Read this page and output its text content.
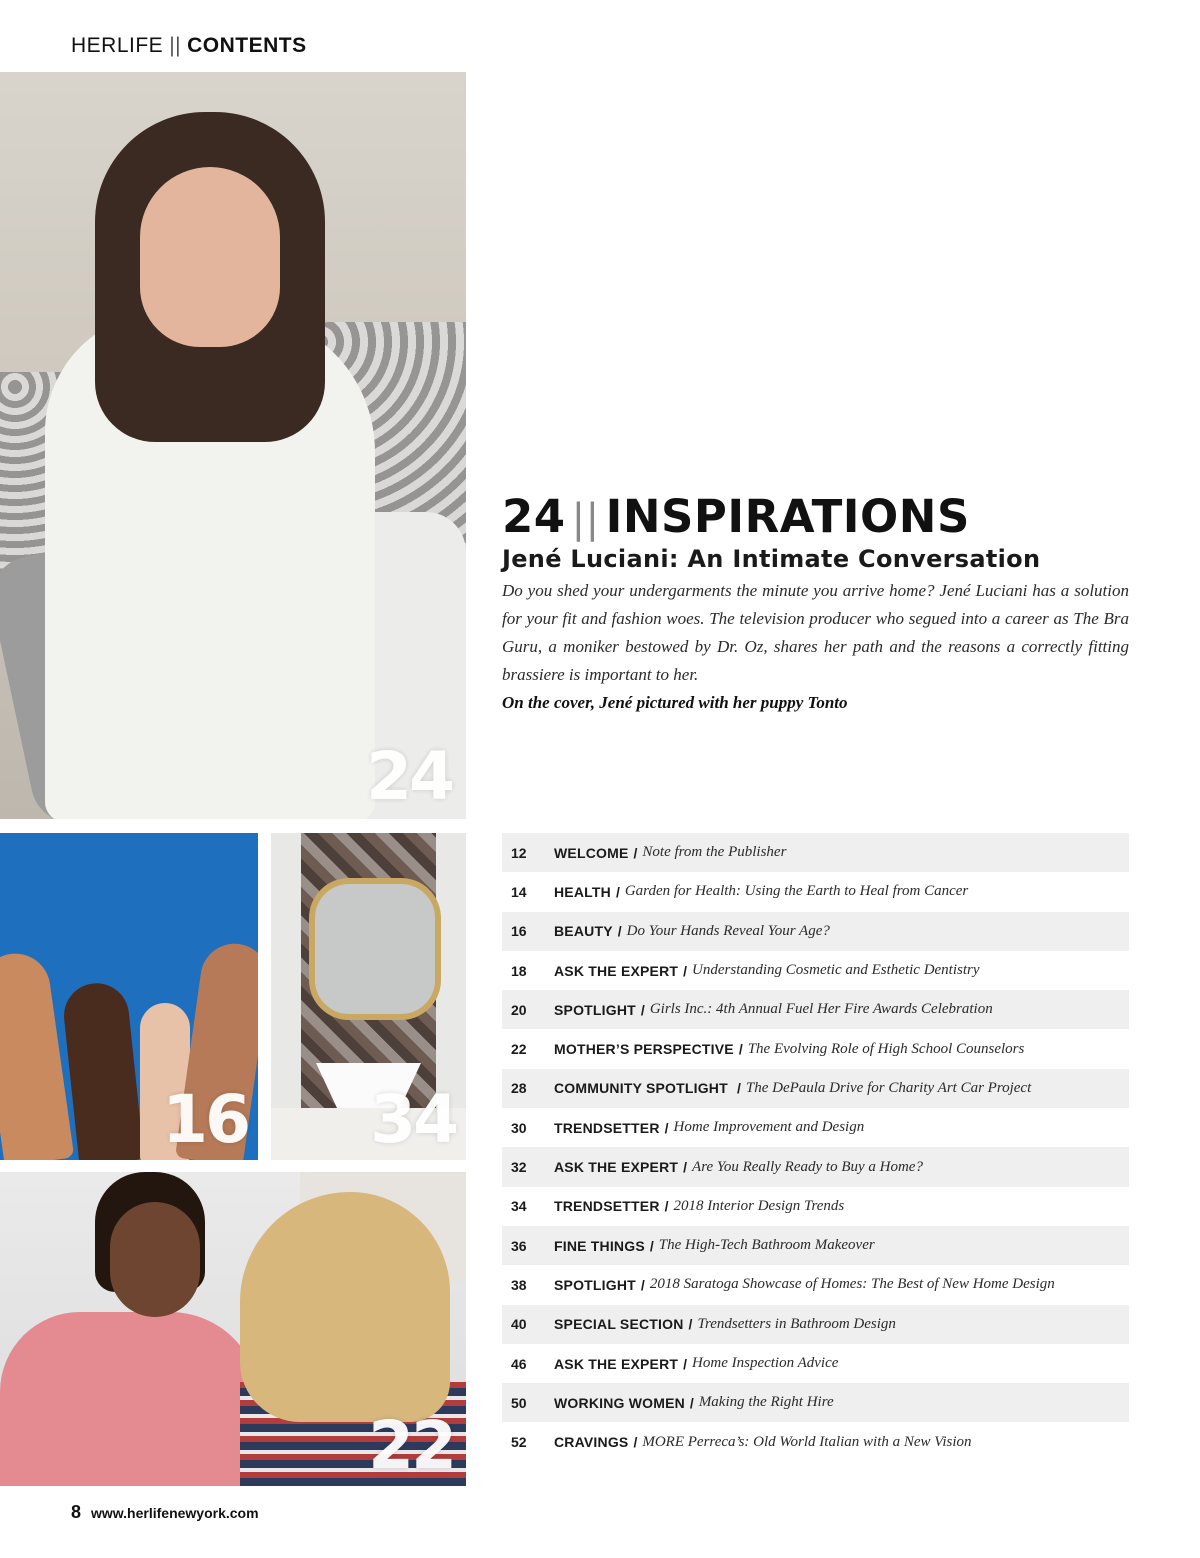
HERLIFE || CONTENTS
24
16 34
22
24 || INSPIRATIONS
Jené Luciani: An Intimate Conversation
Do you shed your undergarments the minute you arrive home? Jené Luciani has a solution for your fit and fashion woes. The television producer who segued into a career as The Bra Guru, a moniker bestowed by Dr. Oz, shares her path and the reasons a correctly fitting brassiere is important to her.
On the cover, Jené pictured with her puppy Tonto
12	WELCOME / Note from the Publisher
14	HEALTH / Garden for Health: Using the Earth to Heal from Cancer
16	BEAUTY / Do Your Hands Reveal Your Age?
18	ASK THE EXPERT / Understanding Cosmetic and Esthetic Dentistry
20	SPOTLIGHT / Girls Inc.: 4th Annual Fuel Her Fire Awards Celebration
22	MOTHER’S PERSPECTIVE / The Evolving Role of High School Counselors
28	COMMUNITY SPOTLIGHT / The DePaula Drive for Charity Art Car Project
30	TRENDSETTER / Home Improvement and Design
32	ASK THE EXPERT / Are You Really Ready to Buy a Home?
34	TRENDSETTER / 2018 Interior Design Trends
36	FINE THINGS / The High-Tech Bathroom Makeover
38	SPOTLIGHT / 2018 Saratoga Showcase of Homes: The Best of New Home Design
40	SPECIAL SECTION / Trendsetters in Bathroom Design
46	ASK THE EXPERT / Home Inspection Advice
50	WORKING WOMEN / Making the Right Hire
52	CRAVINGS / MORE Perreca’s: Old World Italian with a New Vision
8 www.herlifenewyork.com
